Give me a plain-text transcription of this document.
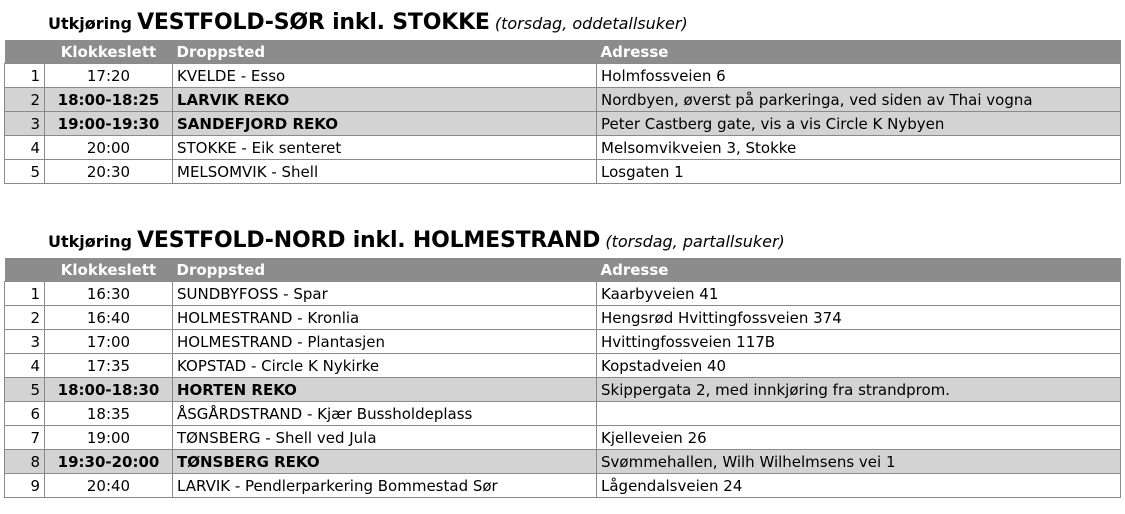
Utkjøring VESTFOLD-SØR inkl. STOKKE (torsdag, oddetallsuker)
	Klokkeslett	Droppsted	Adresse
1	17:20	KVELDE - Esso	Holmfossveien 6
2	18:00-18:25	LARVIK REKO	Nordbyen, øverst på parkeringa, ved siden av Thai vogna
3	19:00-19:30	SANDEFJORD REKO	Peter Castberg gate, vis a vis Circle K Nybyen
4	20:00	STOKKE - Eik senteret	Melsomvikveien 3, Stokke
5	20:30	MELSOMVIK - Shell	Losgaten 1
Utkjøring VESTFOLD-NORD inkl. HOLMESTRAND (torsdag, partallsuker)
	Klokkeslett	Droppsted	Adresse
1	16:30	SUNDBYFOSS - Spar	Kaarbyveien 41
2	16:40	HOLMESTRAND - Kronlia	Hengsrød Hvittingfossveien 374
3	17:00	HOLMESTRAND - Plantasjen	Hvittingfossveien 117B
4	17:35	KOPSTAD - Circle K Nykirke	Kopstadveien 40
5	18:00-18:30	HORTEN REKO	Skippergata 2, med innkjøring fra strandprom.
6	18:35	ÅSGÅRDSTRAND - Kjær Bussholdeplass	
7	19:00	TØNSBERG - Shell ved Jula	Kjelleveien 26
8	19:30-20:00	TØNSBERG REKO	Svømmehallen, Wilh Wilhelmsens vei 1
9	20:40	LARVIK - Pendlerparkering Bommestad Sør	Lågendalsveien 24
